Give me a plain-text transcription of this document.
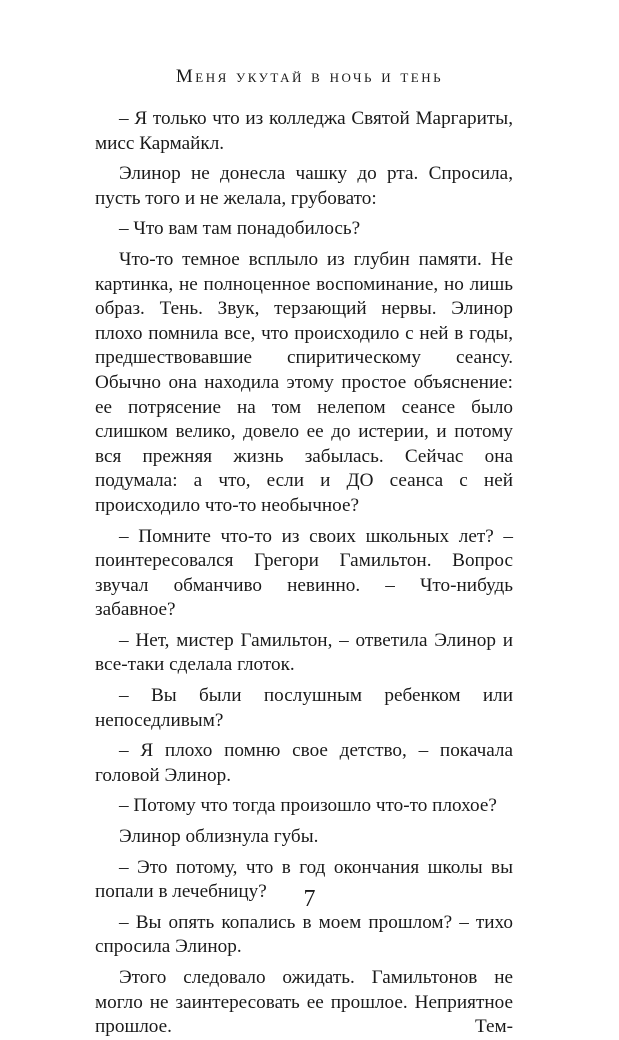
Меня укутай в ночь и тень

– Я только что из колледжа Святой Маргариты, мисс Кармайкл.

Элинор не донесла чашку до рта. Спросила, пусть того и не желала, грубовато:

– Что вам там понадобилось?

Что-то темное всплыло из глубин памяти. Не картинка, не полноценное воспоминание, но лишь образ. Тень. Звук, терзающий нервы. Элинор плохо помнила все, что происходило с ней в годы, предшествовавшие спиритическому сеансу. Обычно она находила этому простое объяснение: ее потрясение на том нелепом сеансе было слишком велико, довело ее до истерии, и потому вся прежняя жизнь забылась. Сейчас она подумала: а что, если и ДО сеанса с ней происходило что-то необычное?

– Помните что-то из своих школьных лет? – поинтересовался Грегори Гамильтон. Вопрос звучал обманчиво невинно. – Что-нибудь забавное?

– Нет, мистер Гамильтон, – ответила Элинор и все-таки сделала глоток.

– Вы были послушным ребенком или непоседливым?

– Я плохо помню свое детство, – покачала головой Элинор.

– Потому что тогда произошло что-то плохое?

Элинор облизнула губы.

– Это потому, что в год окончания школы вы попали в лечебницу?

– Вы опять копались в моем прошлом? – тихо спросила Элинор.

Этого следовало ожидать. Гамильтонов не могло не заинтересовать ее прошлое. Неприятное прошлое. Тем-

7
